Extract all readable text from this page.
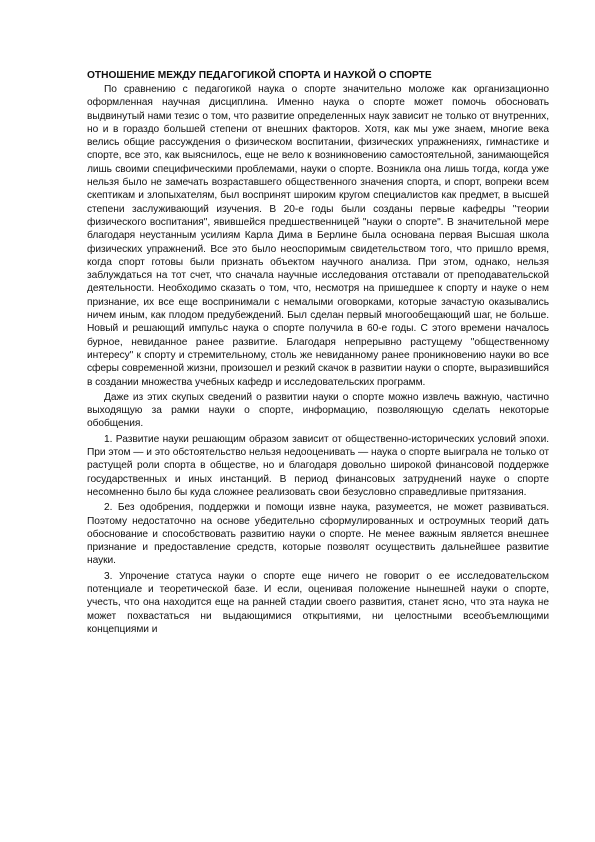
ОТНОШЕНИЕ МЕЖДУ ПЕДАГОГИКОЙ СПОРТА И НАУКОЙ О СПОРТЕ

По сравнению с педагогикой наука о спорте значительно моложе как организационно оформленная научная дисциплина. Именно наука о спорте может помочь обосновать выдвинутый нами тезис о том, что развитие определенных наук зависит не только от внутренних, но и в гораздо большей степени от внешних факторов. Хотя, как мы уже знаем, многие века велись общие рассуждения о физическом воспитании, физических упражнениях, гимнастике и спорте, все это, как выяснилось, еще не вело к возникновению самостоятельной, занимающейся лишь своими специфическими проблемами, науки о спорте. Возникла она лишь тогда, когда уже нельзя было не замечать возраставшего общественного значения спорта, и спорт, вопреки всем скептикам и злопыхателям, был воспринят широким кругом специалистов как предмет, в высшей степени заслуживающий изучения. В 20-е годы были созданы первые кафедры "теории физического воспитания", явившейся предшественницей "науки о спорте". В значительной мере благодаря неустанным усилиям Карла Дима в Берлине была основана первая Высшая школа физических упражнений. Все это было неоспоримым свидетельством того, что пришло время, когда спорт готовы были признать объектом научного анализа. При этом, однако, нельзя заблуждаться на тот счет, что сначала научные исследования отставали от преподавательской деятельности. Необходимо сказать о том, что, несмотря на пришедшее к спорту и науке о нем признание, их все еще воспринимали с немалыми оговорками, которые зачастую оказывались ничем иным, как плодом предубеждений. Был сделан первый многообещающий шаг, не больше. Новый и решающий импульс наука о спорте получила в 60-е годы. С этого времени началось бурное, невиданное ранее развитие. Благодаря непрерывно растущему "общественному интересу" к спорту и стремительному, столь же невиданному ранее проникновению науки во все сферы современной жизни, произошел и резкий скачок в развитии науки о спорте, выразившийся в создании множества учебных кафедр и исследовательских программ.

Даже из этих скупых сведений о развитии науки о спорте можно извлечь важную, частично выходящую за рамки науки о спорте, информацию, позволяющую сделать некоторые обобщения.

1. Развитие науки решающим образом зависит от общественно-исторических условий эпохи. При этом — и это обстоятельство нельзя недооценивать — наука о спорте выиграла не только от растущей роли спорта в обществе, но и благодаря довольно широкой финансовой поддержке государственных и иных инстанций. В период финансовых затруднений науке о спорте несомненно было бы куда сложнее реализовать свои безусловно справедливые притязания.

2. Без одобрения, поддержки и помощи извне наука, разумеется, не может развиваться. Поэтому недостаточно на основе убедительно сформулированных и остроумных теорий дать обоснование и способствовать развитию науки о спорте. Не менее важным является внешнее признание и предоставление средств, которые позволят осуществить дальнейшее развитие науки.

3. Упрочение статуса науки о спорте еще ничего не говорит о ее исследовательском потенциале и теоретической базе. И если, оценивая положение нынешней науки о спорте, учесть, что она находится еще на ранней стадии своего развития, станет ясно, что эта наука не может похвастаться ни выдающимися открытиями, ни целостными всеобъемлющими концепциями и
